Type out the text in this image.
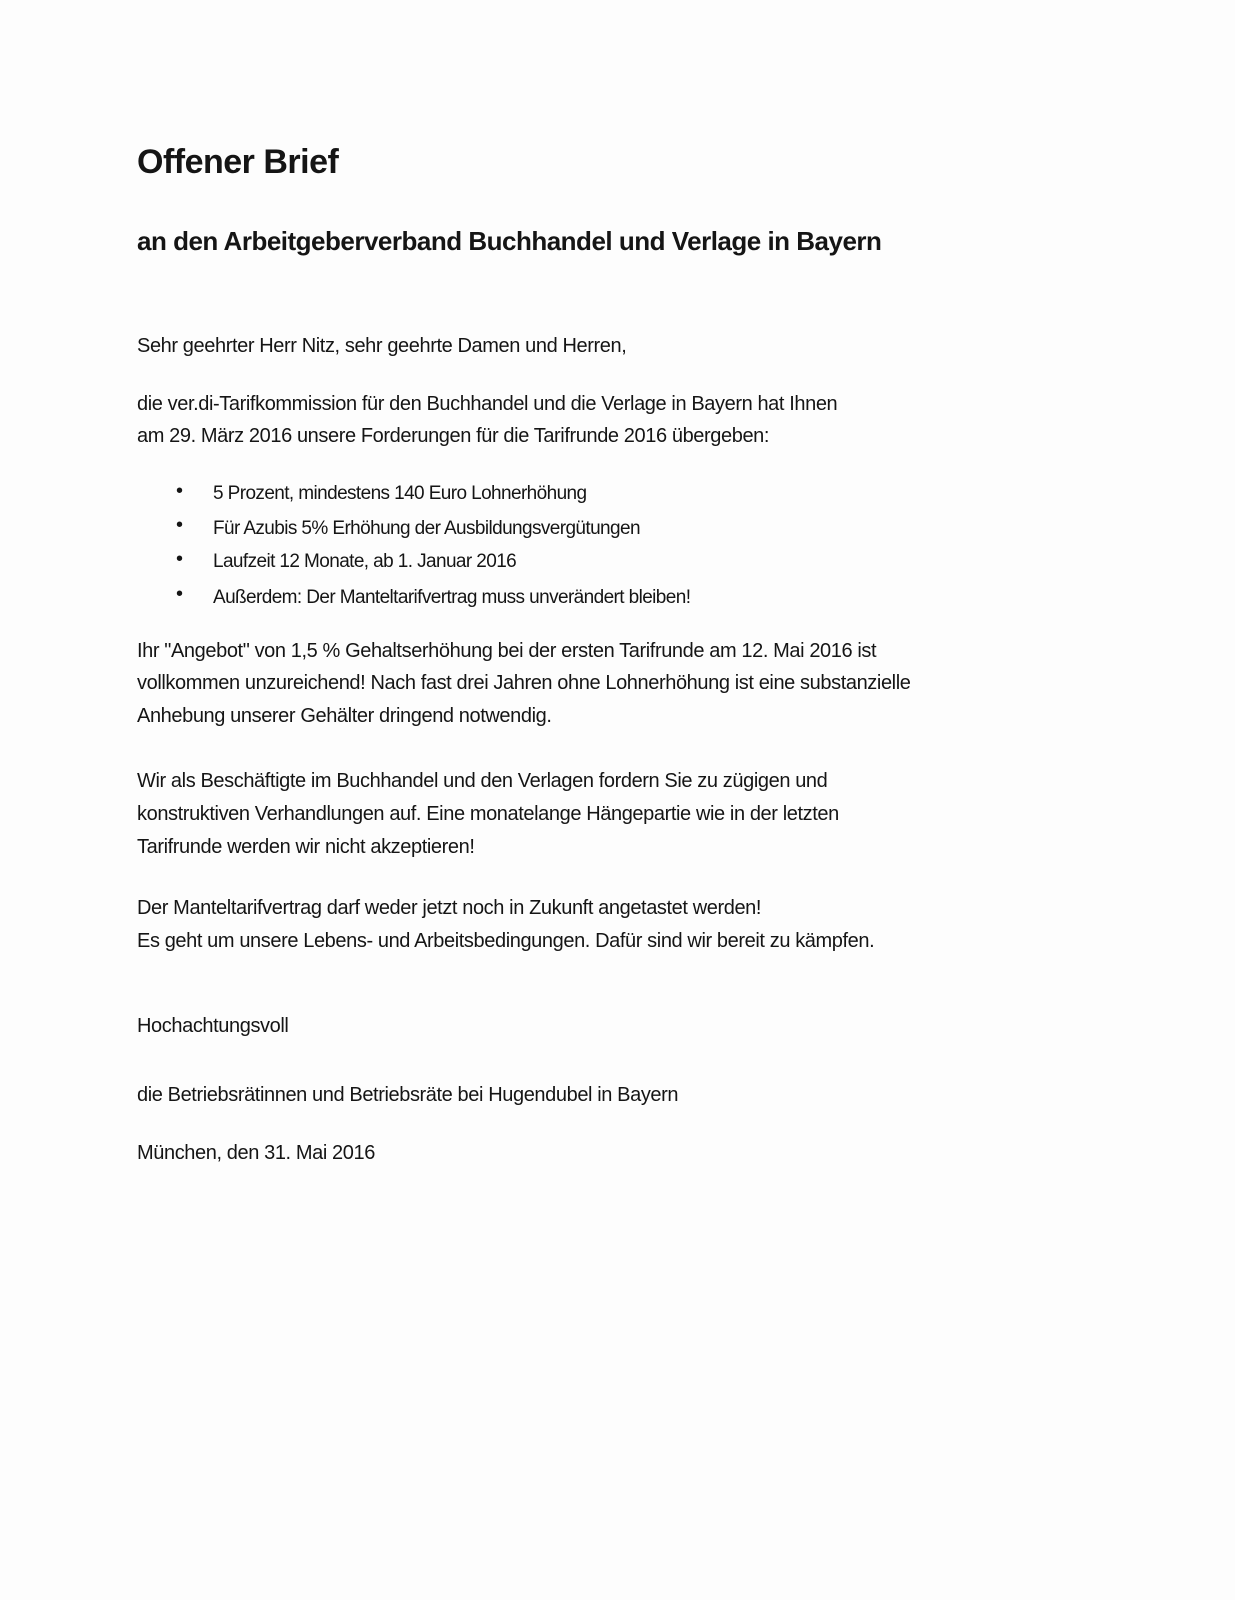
Offener Brief
an den Arbeitgeberverband Buchhandel und Verlage in Bayern
Sehr geehrter Herr Nitz, sehr geehrte Damen und Herren,
die ver.di-Tarifkommission für den Buchhandel und die Verlage in Bayern hat Ihnen
am 29. März 2016 unsere Forderungen für die Tarifrunde 2016 übergeben:
• 5 Prozent, mindestens 140 Euro Lohnerhöhung
• Für Azubis 5% Erhöhung der Ausbildungsvergütungen
• Laufzeit 12 Monate, ab 1. Januar 2016
• Außerdem: Der Manteltarifvertrag muss unverändert bleiben!
Ihr "Angebot" von 1,5 % Gehaltserhöhung bei der ersten Tarifrunde am 12. Mai 2016 ist
vollkommen unzureichend! Nach fast drei Jahren ohne Lohnerhöhung ist eine substanzielle
Anhebung unserer Gehälter dringend notwendig.
Wir als Beschäftigte im Buchhandel und den Verlagen fordern Sie zu zügigen und
konstruktiven Verhandlungen auf. Eine monatelange Hängepartie wie in der letzten
Tarifrunde werden wir nicht akzeptieren!
Der Manteltarifvertrag darf weder jetzt noch in Zukunft angetastet werden!
Es geht um unsere Lebens- und Arbeitsbedingungen. Dafür sind wir bereit zu kämpfen.
Hochachtungsvoll
die Betriebsrätinnen und Betriebsräte bei Hugendubel in Bayern
München, den 31. Mai 2016
